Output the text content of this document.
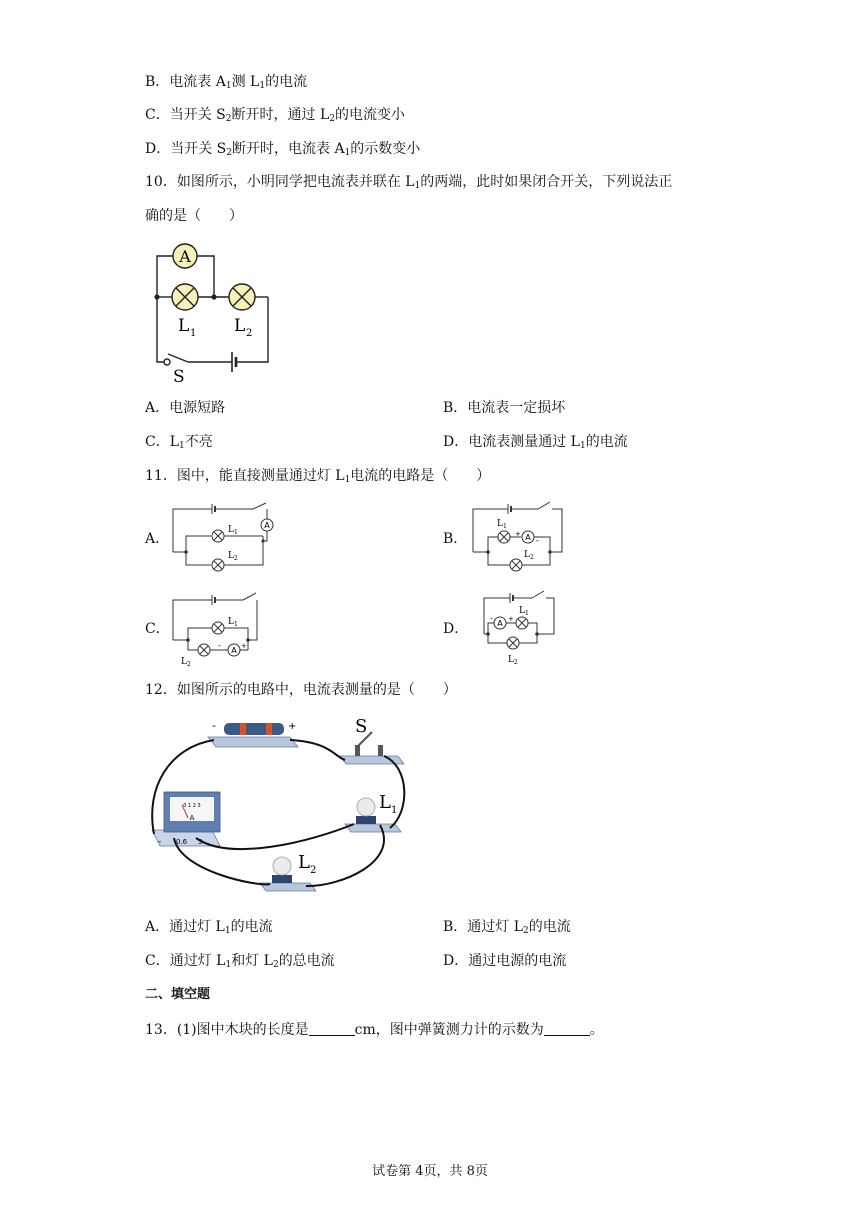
B．电流表 $A_1$测 $L_1$的电流
C．当开关 $S_2$断开时，通过 $L_2$的电流变小
D．当开关 $S_2$断开时，电流表 $A_1$的示数变小
10．如图所示，小明同学把电流表并联在 $L_1$的两端，此时如果闭合开关，下列说法正
确的是（　　）
A
L 1 L 2
S
A．电源短路	B．电流表一定损坏
C．$L_1$不亮	D．电流表测量通过 $L_1$的电流
11．图中，能直接测量通过灯 $L_1$电流的电路是（　　）
A．
A
L 1
L 2
B．	A
L 1
+
-
L 2
C．
A
L 1
L 2
-	+
D．	A
- +
L 1
L 2
12．如图所示的电路中，电流表测量的是（　　）
-	+	S
L 1
L 2
0 1 2 3
A
- 0.6 3
A．通过灯 $L_1$的电流	B．通过灯 $L_2$的电流
C．通过灯 $L_1$和灯 $L_2$的总电流	D．通过电源的电流
二、填空题
13．(1)图中木块的长度是	cm，图中弹簧测力计的示数为	。
试卷第 4页，共 8页
